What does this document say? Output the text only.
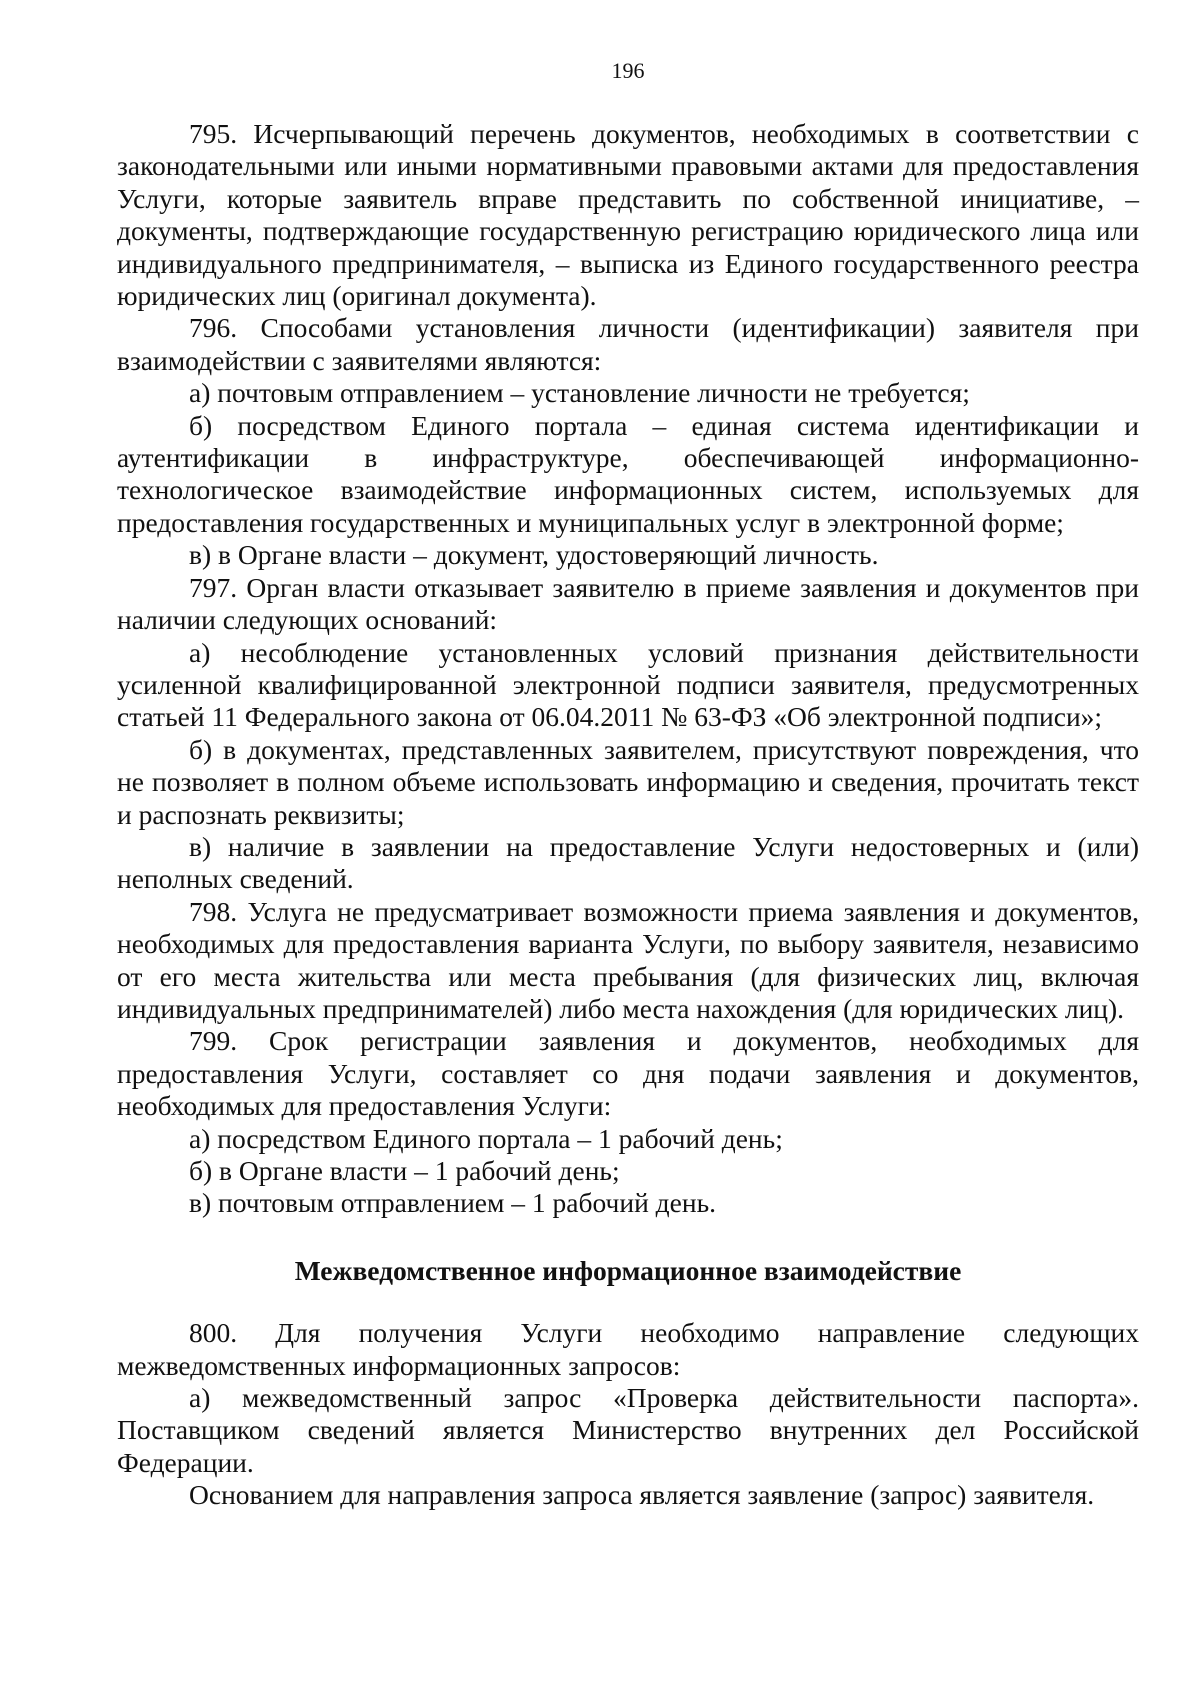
196

795. Исчерпывающий перечень документов, необходимых в соответствии с законодательными или иными нормативными правовыми актами для предоставления Услуги, которые заявитель вправе представить по собственной инициативе, – документы, подтверждающие государственную регистрацию юридического лица или индивидуального предпринимателя, – выписка из Единого государственного реестра юридических лиц (оригинал документа).

796. Способами установления личности (идентификации) заявителя при взаимодействии с заявителями являются:

а) почтовым отправлением – установление личности не требуется;

б) посредством Единого портала – единая система идентификации и аутентификации в инфраструктуре, обеспечивающей информационно-технологическое взаимодействие информационных систем, используемых для предоставления государственных и муниципальных услуг в электронной форме;

в) в Органе власти – документ, удостоверяющий личность.

797. Орган власти отказывает заявителю в приеме заявления и документов при наличии следующих оснований:

а) несоблюдение установленных условий признания действительности усиленной квалифицированной электронной подписи заявителя, предусмотренных статьей 11 Федерального закона от 06.04.2011 № 63-ФЗ «Об электронной подписи»;

б) в документах, представленных заявителем, присутствуют повреждения, что не позволяет в полном объеме использовать информацию и сведения, прочитать текст и распознать реквизиты;

в) наличие в заявлении на предоставление Услуги недостоверных и (или) неполных сведений.

798. Услуга не предусматривает возможности приема заявления и документов, необходимых для предоставления варианта Услуги, по выбору заявителя, независимо от его места жительства или места пребывания (для физических лиц, включая индивидуальных предпринимателей) либо места нахождения (для юридических лиц).

799. Срок регистрации заявления и документов, необходимых для предоставления Услуги, составляет со дня подачи заявления и документов, необходимых для предоставления Услуги:

а) посредством Единого портала – 1 рабочий день;

б) в Органе власти – 1 рабочий день;

в) почтовым отправлением – 1 рабочий день.

Межведомственное информационное взаимодействие

800. Для получения Услуги необходимо направление следующих межведомственных информационных запросов:

а) межведомственный запрос «Проверка действительности паспорта». Поставщиком сведений является Министерство внутренних дел Российской Федерации.

Основанием для направления запроса является заявление (запрос) заявителя.
